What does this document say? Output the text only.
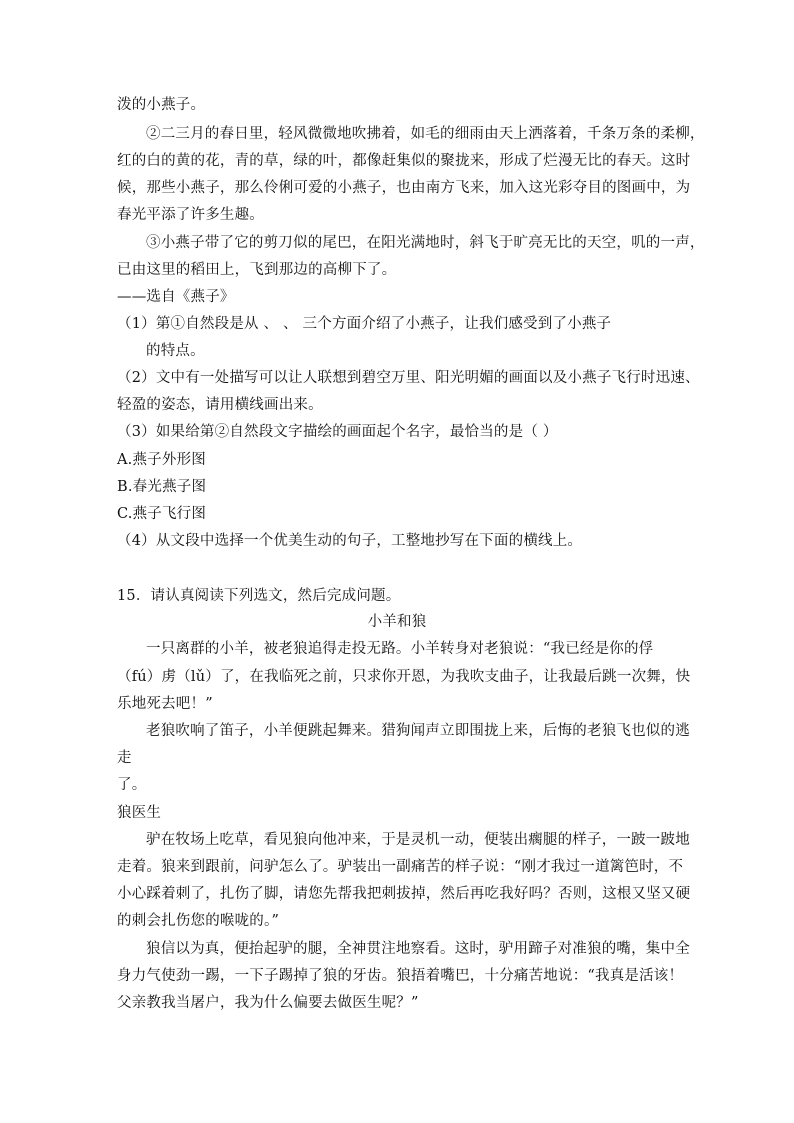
泼的小燕子。
②二三月的春日里，轻风微微地吹拂着，如毛的细雨由天上洒落着，千条万条的柔柳，
红的白的黄的花，青的草，绿的叶，都像赶集似的聚拢来，形成了烂漫无比的春天。这时
候，那些小燕子，那么伶俐可爱的小燕子，也由南方飞来，加入这光彩夺目的图画中，为
春光平添了许多生趣。
③小燕子带了它的剪刀似的尾巴，在阳光满地时，斜飞于旷亮无比的天空，叽的一声，
已由这里的稻田上，飞到那边的高柳下了。
——选自《燕子》
（1）第①自然段是从 、 、 三个方面介绍了小燕子，让我们感受到了小燕子
的特点。
（2）文中有一处描写可以让人联想到碧空万里、阳光明媚的画面以及小燕子飞行时迅速、
轻盈的姿态，请用横线画出来。
（3）如果给第②自然段文字描绘的画面起个名字，最恰当的是（ ）
A.燕子外形图
B.春光燕子图
C.燕子飞行图
（4）从文段中选择一个优美生动的句子，工整地抄写在下面的横线上。
15．请认真阅读下列选文，然后完成问题。
小羊和狼
一只离群的小羊，被老狼追得走投无路。小羊转身对老狼说：“我已经是你的俘
（fú）虏（lǔ）了，在我临死之前，只求你开恩，为我吹支曲子，让我最后跳一次舞，快
乐地死去吧！”
老狼吹响了笛子，小羊便跳起舞来。猎狗闻声立即围拢上来，后悔的老狼飞也似的逃
走
了。
狼医生
驴在牧场上吃草，看见狼向他冲来，于是灵机一动，便装出瘸腿的样子，一跛一跛地
走着。狼来到跟前，问驴怎么了。驴装出一副痛苦的样子说：“刚才我过一道篱笆时，不
小心踩着刺了，扎伤了脚，请您先帮我把刺拔掉，然后再吃我好吗？否则，这根又坚又硬
的刺会扎伤您的喉咙的。”
狼信以为真，便抬起驴的腿，全神贯注地察看。这时，驴用蹄子对准狼的嘴，集中全
身力气使劲一踢，一下子踢掉了狼的牙齿。狼捂着嘴巴，十分痛苦地说：“我真是活该！
父亲教我当屠户，我为什么偏要去做医生呢？”
